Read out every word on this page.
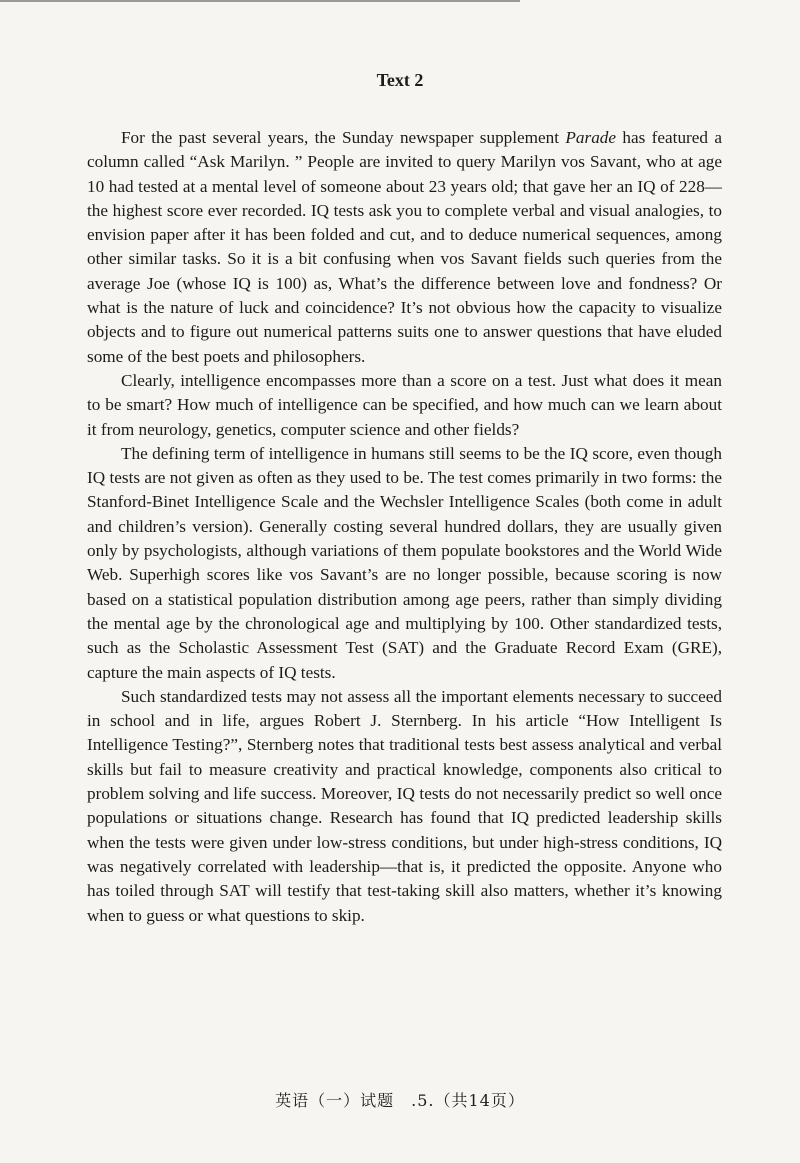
Text 2

For the past several years, the Sunday newspaper supplement Parade has featured a column called “Ask Marilyn. ” People are invited to query Marilyn vos Savant, who at age 10 had tested at a mental level of someone about 23 years old; that gave her an IQ of 228—the highest score ever recorded. IQ tests ask you to complete verbal and visual analogies, to envision paper after it has been folded and cut, and to deduce numerical sequences, among other similar tasks. So it is a bit confusing when vos Savant fields such queries from the average Joe (whose IQ is 100) as, What’s the difference between love and fondness? Or what is the nature of luck and coincidence? It’s not obvious how the capacity to visualize objects and to figure out numerical patterns suits one to answer questions that have eluded some of the best poets and philosophers.

Clearly, intelligence encompasses more than a score on a test. Just what does it mean to be smart? How much of intelligence can be specified, and how much can we learn about it from neurology, genetics, computer science and other fields?

The defining term of intelligence in humans still seems to be the IQ score, even though IQ tests are not given as often as they used to be. The test comes primarily in two forms: the Stanford-Binet Intelligence Scale and the Wechsler Intelligence Scales (both come in adult and children’s version). Generally costing several hundred dollars, they are usually given only by psychologists, although variations of them populate bookstores and the World Wide Web. Superhigh scores like vos Savant’s are no longer possible, because scoring is now based on a statistical population distribution among age peers, rather than simply dividing the mental age by the chronological age and multiplying by 100. Other standardized tests, such as the Scholastic Assessment Test (SAT) and the Graduate Record Exam (GRE), capture the main aspects of IQ tests.

Such standardized tests may not assess all the important elements necessary to succeed in school and in life, argues Robert J. Sternberg. In his article “How Intelligent Is Intelligence Testing?”, Sternberg notes that traditional tests best assess analytical and verbal skills but fail to measure creativity and practical knowledge, components also critical to problem solving and life success. Moreover, IQ tests do not necessarily predict so well once populations or situations change. Research has found that IQ predicted leadership skills when the tests were given under low-stress conditions, but under high-stress conditions, IQ was negatively correlated with leadership—that is, it predicted the opposite. Anyone who has toiled through SAT will testify that test-taking skill also matters, whether it’s knowing when to guess or what questions to skip.

英语（一）试题　.5.（共14页）
